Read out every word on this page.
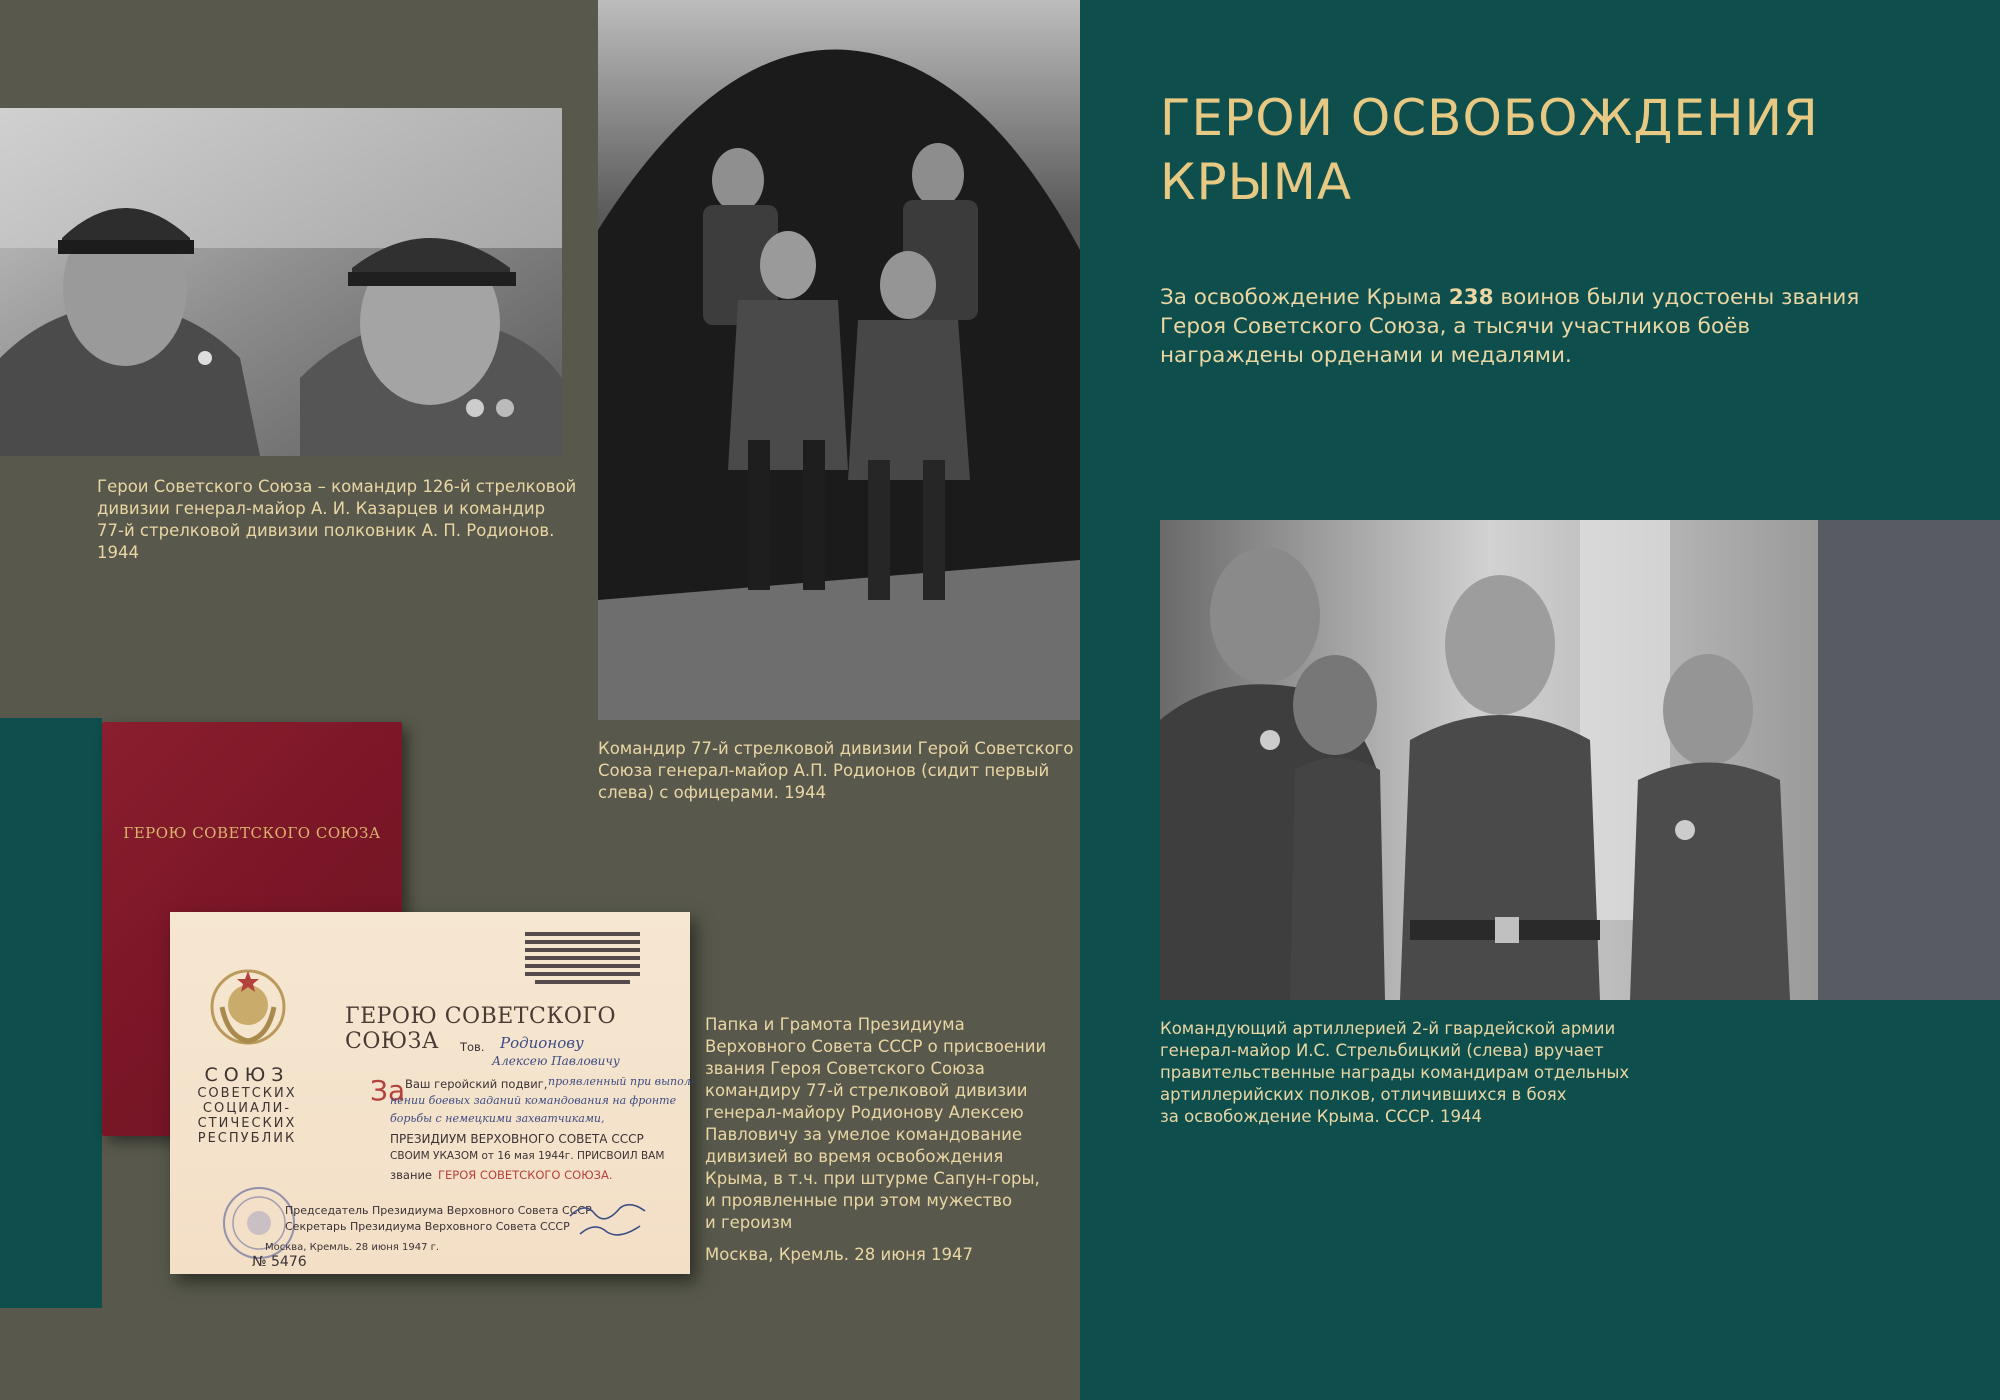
Герои Советского Союза – командир 126-й стрелковой

дивизии генерал-майор А. И. Казарцев и командир

77-й стрелковой дивизии полковник А. П. Родионов. 1944

Командир 77-й стрелковой дивизии Герой Советского

Союза генерал-майор А.П. Родионов (сидит первый

слева) с офицерами. 1944

ГЕРОЮ СОВЕТСКОГО СОЮЗА
ГЕРОЮ СОВЕТСКОГО СОЮЗА
СОЮЗ
СОВЕТСКИХ
СОЦИАЛИ-
СТИЧЕСКИХ
РЕСПУБЛИК
Тов. Родионову
Алексею Павловичу
За Ваш геройский подвиг, проявленный при выпол-
нении боевых заданий командования на фронте
борьбы с немецкими захватчиками,
ПРЕЗИДИУМ ВЕРХОВНОГО СОВЕТА СССР
СВОИМ УКАЗОМ от 16 мая 1944г. ПРИСВОИЛ ВАМ
звание ГЕРОЯ СОВЕТСКОГО СОЮЗА.
Председатель Президиума Верховного Совета СССР
Секретарь Президиума Верховного Совета СССР
Москва, Кремль. 28 июня 1947 г.
№ 5476

Папка и Грамота Президиума

Верховного Совета СССР о присвоении

звания Героя Советского Союза

командиру 77-й стрелковой дивизии

генерал-майору Родионову Алексею

Павловичу за умелое командование

дивизией во время освобождения

Крыма, в т.ч. при штурме Сапун-горы,

и проявленные при этом мужество

и героизм

Москва, Кремль. 28 июня 1947

ГЕРОИ ОСВОБОЖДЕНИЯ
КРЫМА

За освобождение Крыма 238 воинов были удостоены звания Героя Советского Союза, а тысячи участников боёв награждены орденами и медалями.

Командующий артиллерией 2-й гвардейской армии

генерал-майор И.С. Стрельбицкий (слева) вручает

правительственные награды командирам отдельных

артиллерийских полков, отличившихся в боях

за освобождение Крыма. СССР. 1944
